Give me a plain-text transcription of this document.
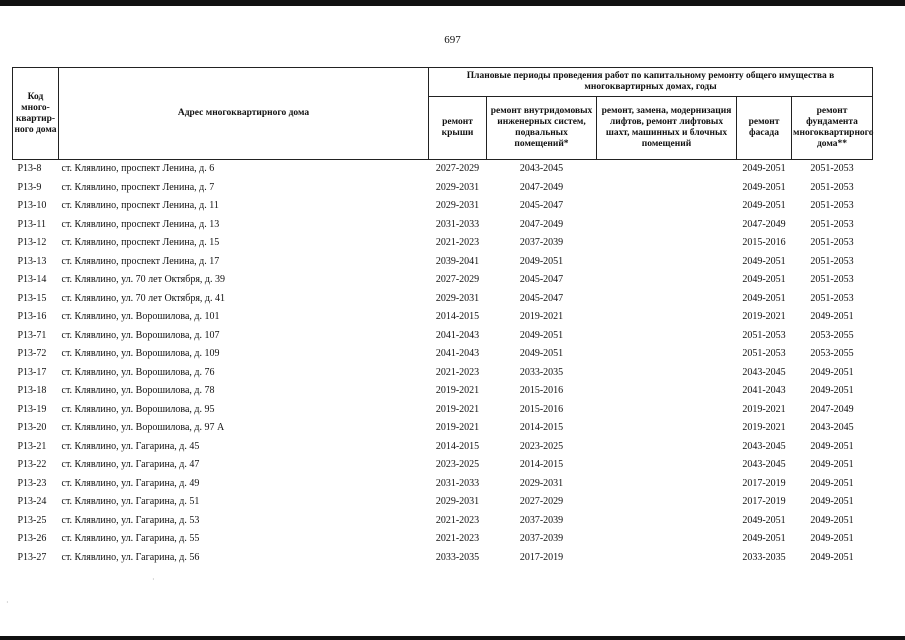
697
Код много-квартир-ного дома	Адрес многоквартирного дома	Плановые периоды проведения работ по капитальному ремонту общего имущества в многоквартирных домах, годы				
		ремонт крыши	ремонт внутридомовых инженерных систем, подвальных помещений*	ремонт, замена, модернизация лифтов, ремонт лифтовых шахт, машинных и блочных помещений	ремонт фасада	ремонт фундамента многоквартирного дома**
P13-8	ст. Клявлино, проспект Ленина, д. 6	2027-2029	2043-2045		2049-2051	2051-2053
P13-9	ст. Клявлино, проспект Ленина, д. 7	2029-2031	2047-2049		2049-2051	2051-2053
P13-10	ст. Клявлино, проспект Ленина, д. 11	2029-2031	2045-2047		2049-2051	2051-2053
P13-11	ст. Клявлино, проспект Ленина, д. 13	2031-2033	2047-2049		2047-2049	2051-2053
P13-12	ст. Клявлино, проспект Ленина, д. 15	2021-2023	2037-2039		2015-2016	2051-2053
P13-13	ст. Клявлино, проспект Ленина, д. 17	2039-2041	2049-2051		2049-2051	2051-2053
P13-14	ст. Клявлино, ул. 70 лет Октября, д. 39	2027-2029	2045-2047		2049-2051	2051-2053
P13-15	ст. Клявлино, ул. 70 лет Октября, д. 41	2029-2031	2045-2047		2049-2051	2051-2053
P13-16	ст. Клявлино, ул. Ворошилова, д. 101	2014-2015	2019-2021		2019-2021	2049-2051
P13-71	ст. Клявлино, ул. Ворошилова, д. 107	2041-2043	2049-2051		2051-2053	2053-2055
P13-72	ст. Клявлино, ул. Ворошилова, д. 109	2041-2043	2049-2051		2051-2053	2053-2055
P13-17	ст. Клявлино, ул. Ворошилова, д. 76	2021-2023	2033-2035		2043-2045	2049-2051
P13-18	ст. Клявлино, ул. Ворошилова, д. 78	2019-2021	2015-2016		2041-2043	2049-2051
P13-19	ст. Клявлино, ул. Ворошилова, д. 95	2019-2021	2015-2016		2019-2021	2047-2049
P13-20	ст. Клявлино, ул. Ворошилова, д. 97 А	2019-2021	2014-2015		2019-2021	2043-2045
P13-21	ст. Клявлино, ул. Гагарина, д. 45	2014-2015	2023-2025		2043-2045	2049-2051
P13-22	ст. Клявлино, ул. Гагарина, д. 47	2023-2025	2014-2015		2043-2045	2049-2051
P13-23	ст. Клявлино, ул. Гагарина, д. 49	2031-2033	2029-2031		2017-2019	2049-2051
P13-24	ст. Клявлино, ул. Гагарина, д. 51	2029-2031	2027-2029		2017-2019	2049-2051
P13-25	ст. Клявлино, ул. Гагарина, д. 53	2021-2023	2037-2039		2049-2051	2049-2051
P13-26	ст. Клявлино, ул. Гагарина, д. 55	2021-2023	2037-2039		2049-2051	2049-2051
P13-27	ст. Клявлино, ул. Гагарина, д. 56	2033-2035	2017-2019		2033-2035	2049-2051
·
·
